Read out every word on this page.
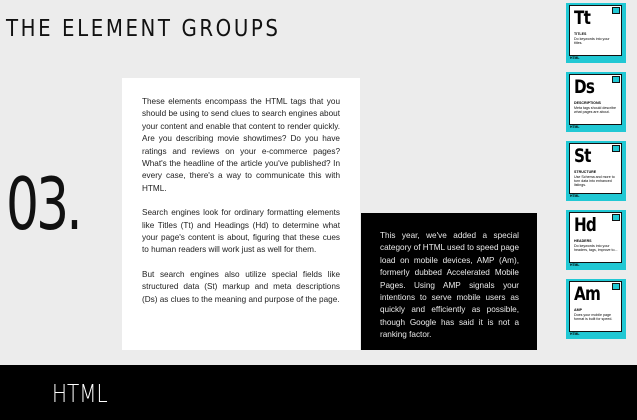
THE ELEMENT GROUPS
03.

These elements encompass the HTML tags that you should be using to send clues to search engines about your content and enable that content to render quickly. Are you describing movie showtimes? Do you have ratings and reviews on your e-commerce pages? What's the headline of the article you've published? In every case, there's a way to communicate this with HTML.

Search engines look for ordinary formatting elements like Titles (Tt) and Headings (Hd) to determine what your page's content is about, figuring that these cues to human readers will work just as well for them.

But search engines also utilize special fields like structured data (St) markup and meta descriptions (Ds) as clues to the meaning and purpose of the page.

This year, we've added a special category of HTML used to speed page load on mobile devices, AMP (Am), formerly dubbed Accelerated Mobile Pages. Using AMP signals your intentions to serve mobile users as quickly and efficiently as possible, though Google has said it is not a ranking factor.

HTML
Tt
TITLES
Do keywords into your titles.
HTML
Ds
DESCRIPTIONS
Meta tags should describe what pages are about.
HTML
St
STRUCTURE
Use Schema and more to turn data into enhanced listings.
HTML
Hd
HEADERS
Do keywords into your headers, tags, improve to...
HTML
Am
AMP
Does your mobile page format is built for speed.
HTML
